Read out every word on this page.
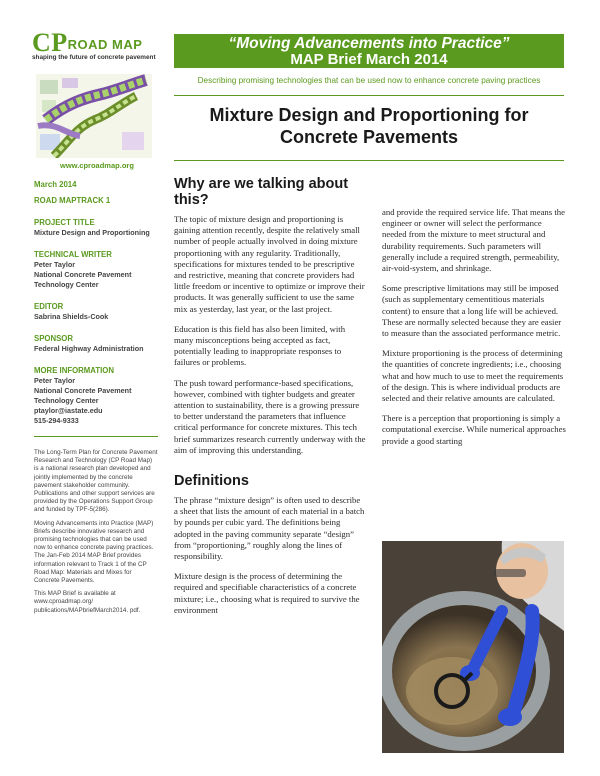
CPROAD MAP
shaping the future of concrete pavement
www.cproadmap.org
“Moving Advancements into Practice”
MAP Brief March 2014
Describing promising technologies that can be used now to enhance concrete paving practices
Mixture Design and Proportioning for Concrete Pavements
March 2014
ROAD MAPTRACK 1
PROJECT TITLE
Mixture Design and Proportioning
TECHNICAL WRITER
Peter Taylor
National Concrete Pavement
Technology Center
EDITOR
Sabrina Shields-Cook
SPONSOR
Federal Highway Administration
MORE INFORMATION
Peter Taylor
National Concrete Pavement
Technology Center
ptaylor@iastate.edu
515-294-9333
The Long-Term Plan for Concrete Pavement Research and Technology (CP Road Map) is a national research plan developed and jointly implemented by the concrete pavement stakeholder community. Publications and other support services are provided by the Operations Support Group and funded by TPF-5(286).
Moving Advancements into Practice (MAP) Briefs describe innovative research and promising technologies that can be used now to enhance concrete paving practices. The Jan-Feb 2014 MAP Brief provides information relevant to Track 1 of the CP Road Map: Materials and Mixes for Concrete Pavements.
This MAP Brief is available at www.cproadmap.org/ publications/MAPbriefMarch2014. pdf.
Why are we talking about this?

The topic of mixture design and proportioning is gaining attention recently, despite the relatively small number of people actually involved in doing mixture proportioning with any regularity. Traditionally, specifications for mixtures tended to be prescriptive and restrictive, meaning that concrete providers had little freedom or incentive to optimize or improve their products. It was generally sufficient to use the same mix as yesterday, last year, or the last project.

Education is this field has also been limited, with many misconceptions being accepted as fact, potentially leading to inappropriate responses to failures or problems.

The push toward performance-based specifications, however, combined with tighter budgets and greater attention to sustainability, there is a growing pressure to better understand the parameters that influence critical performance for concrete mixtures. This tech brief summarizes research currently underway with the aim of improving this understanding.

Definitions

The phrase “mixture design” is often used to describe a sheet that lists the amount of each material in a batch by pounds per cubic yard. The definitions being adopted in the paving community separate “design” from “proportioning,” roughly along the lines of responsibility.

Mixture design is the process of determining the required and specifiable characteristics of a concrete mixture; i.e., choosing what is required to survive the environment

and provide the required service life. That means the engineer or owner will select the performance needed from the mixture to meet structural and durability requirements. Such parameters will generally include a required strength, permeability, air-void-system, and shrinkage.

Some prescriptive limitations may still be imposed (such as supplementary cementitious materials content) to ensure that a long life will be achieved. These are normally selected because they are easier to measure than the associated performance metric.

Mixture proportioning is the process of determining the quantities of concrete ingredients; i.e., choosing what and how much to use to meet the requirements of the design. This is where individual products are selected and their relative amounts are calculated.

There is a perception that proportioning is simply a computational exercise. While numerical approaches provide a good starting
